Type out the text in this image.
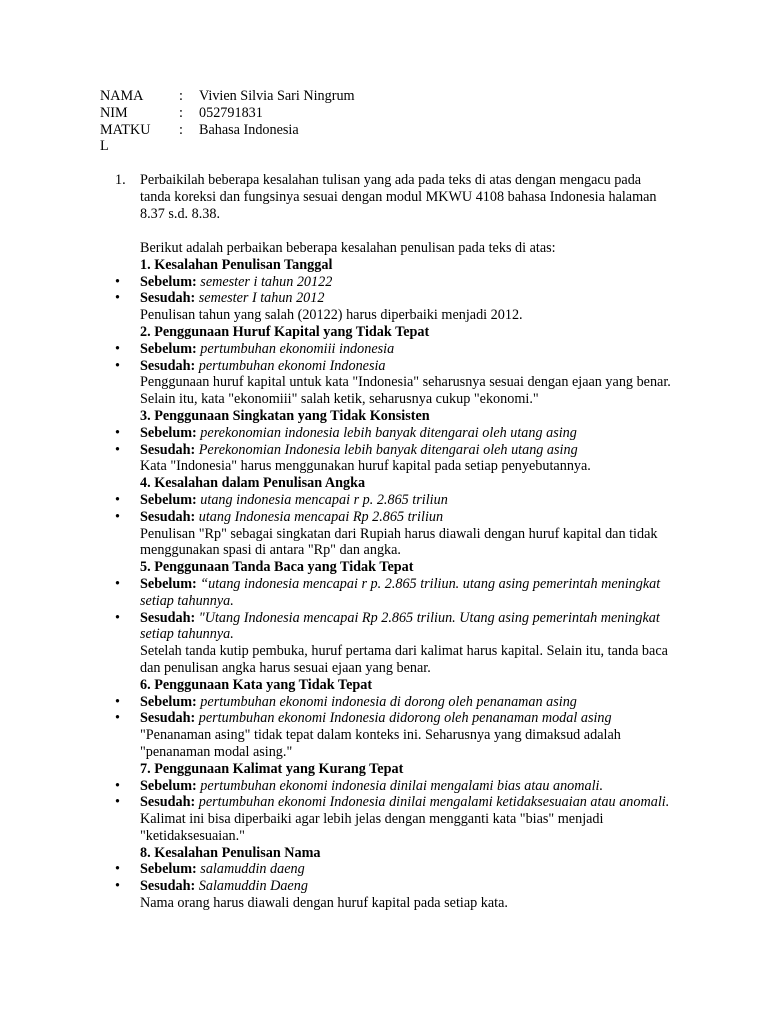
NAMA	: Vivien Silvia Sari Ningrum
NIM	: 052791831
MATKU : Bahasa Indonesia
L
1. Perbaikilah beberapa kesalahan tulisan yang ada pada teks di atas dengan mengacu pada tanda koreksi dan fungsinya sesuai dengan modul MKWU 4108 bahasa Indonesia halaman 8.37 s.d. 8.38.

Berikut adalah perbaikan beberapa kesalahan penulisan pada teks di atas:

1. Kesalahan Penulisan Tanggal
• Sebelum: semester i tahun 20122
• Sesudah: semester I tahun 2012
Penulisan tahun yang salah (20122) harus diperbaiki menjadi 2012.
2. Penggunaan Huruf Kapital yang Tidak Tepat
• Sebelum: pertumbuhan ekonomiii indonesia
• Sesudah: pertumbuhan ekonomi Indonesia
Penggunaan huruf kapital untuk kata "Indonesia" seharusnya sesuai dengan ejaan yang benar. Selain itu, kata "ekonomiii" salah ketik, seharusnya cukup "ekonomi."
3. Penggunaan Singkatan yang Tidak Konsisten
• Sebelum: perekonomian indonesia lebih banyak ditengarai oleh utang asing
• Sesudah: Perekonomian Indonesia lebih banyak ditengarai oleh utang asing
Kata "Indonesia" harus menggunakan huruf kapital pada setiap penyebutannya.
4. Kesalahan dalam Penulisan Angka
• Sebelum: utang indonesia mencapai r p. 2.865 triliun
• Sesudah: utang Indonesia mencapai Rp 2.865 triliun
Penulisan "Rp" sebagai singkatan dari Rupiah harus diawali dengan huruf kapital dan tidak menggunakan spasi di antara "Rp" dan angka.
5. Penggunaan Tanda Baca yang Tidak Tepat
• Sebelum: “utang indonesia mencapai r p. 2.865 triliun. utang asing pemerintah meningkat setiap tahunnya.
• Sesudah: "Utang Indonesia mencapai Rp 2.865 triliun. Utang asing pemerintah meningkat setiap tahunnya.
Setelah tanda kutip pembuka, huruf pertama dari kalimat harus kapital. Selain itu, tanda baca dan penulisan angka harus sesuai ejaan yang benar.
6. Penggunaan Kata yang Tidak Tepat
• Sebelum: pertumbuhan ekonomi indonesia di dorong oleh penanaman asing
• Sesudah: pertumbuhan ekonomi Indonesia didorong oleh penanaman modal asing
"Penanaman asing" tidak tepat dalam konteks ini. Seharusnya yang dimaksud adalah "penanaman modal asing."
7. Penggunaan Kalimat yang Kurang Tepat
• Sebelum: pertumbuhan ekonomi indonesia dinilai mengalami bias atau anomali.
• Sesudah: pertumbuhan ekonomi Indonesia dinilai mengalami ketidaksesuaian atau anomali.
Kalimat ini bisa diperbaiki agar lebih jelas dengan mengganti kata "bias" menjadi "ketidaksesuaian."
8. Kesalahan Penulisan Nama
• Sebelum: salamuddin daeng
• Sesudah: Salamuddin Daeng
Nama orang harus diawali dengan huruf kapital pada setiap kata.
